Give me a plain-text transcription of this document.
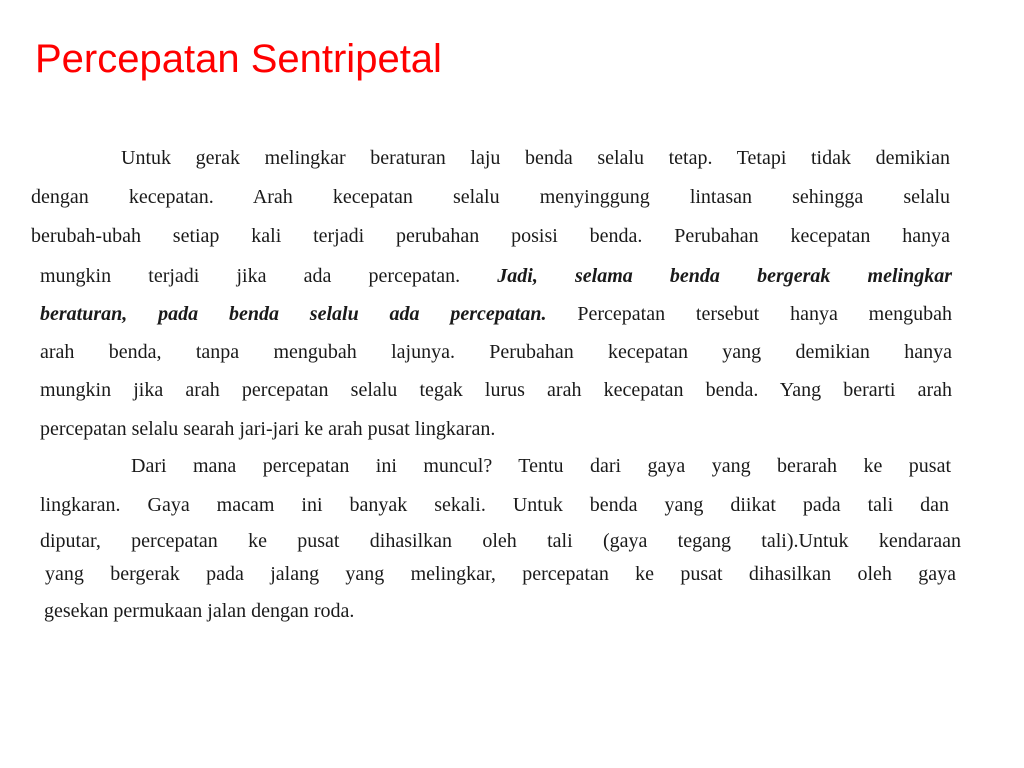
Percepatan Sentripetal

Untuk gerak melingkar beraturan laju benda selalu tetap. Tetapi tidak demikian

dengan kecepatan. Arah kecepatan selalu menyinggung lintasan sehingga selalu

berubah-ubah setiap kali terjadi perubahan posisi benda. Perubahan kecepatan hanya

mungkin terjadi jika ada percepatan. Jadi, selama benda bergerak melingkar

beraturan, pada benda selalu ada percepatan. Percepatan tersebut hanya mengubah

arah benda, tanpa mengubah lajunya. Perubahan kecepatan yang demikian hanya

mungkin jika arah percepatan selalu tegak lurus arah kecepatan benda. Yang berarti arah

percepatan selalu searah jari-jari ke arah pusat lingkaran.

Dari mana percepatan ini muncul? Tentu dari gaya yang berarah ke pusat

lingkaran. Gaya macam ini banyak sekali. Untuk benda yang diikat pada tali dan

diputar, percepatan ke pusat dihasilkan oleh tali (gaya tegang tali).Untuk kendaraan

yang bergerak pada jalang yang melingkar, percepatan ke pusat dihasilkan oleh gaya

gesekan permukaan jalan dengan roda.
